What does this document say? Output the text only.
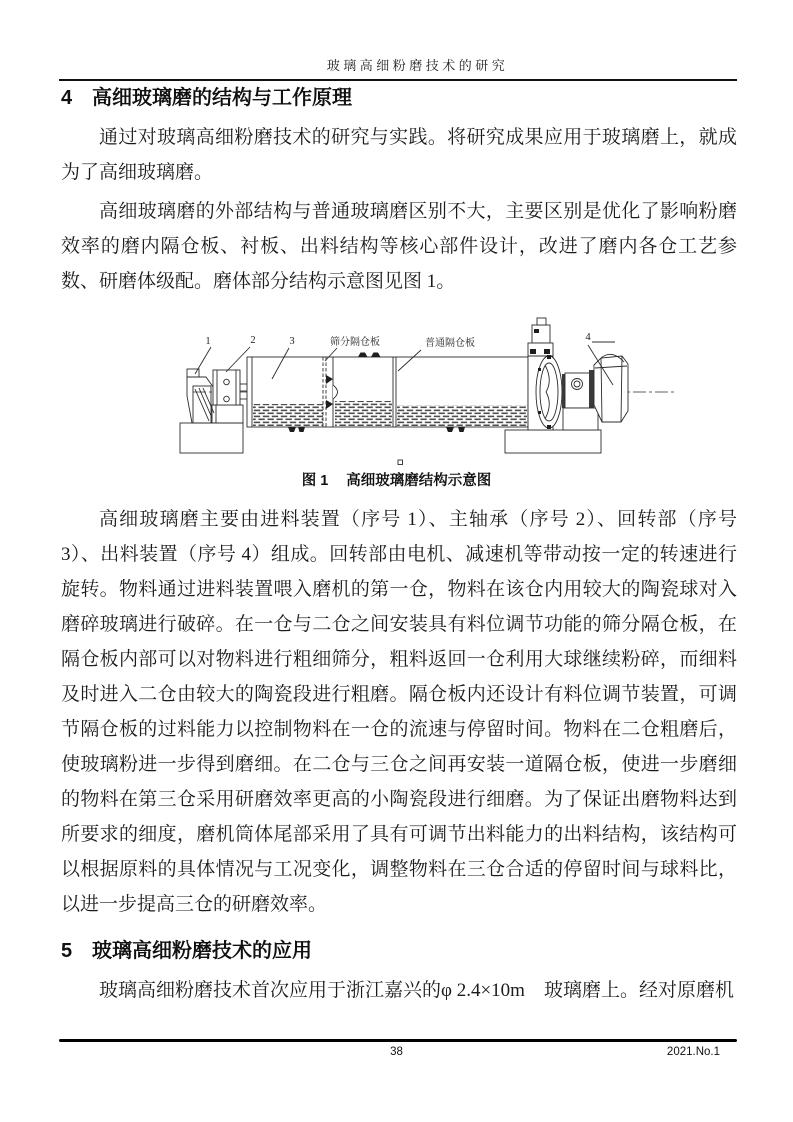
玻璃高细粉磨技术的研究
4 高细玻璃磨的结构与工作原理

通过对玻璃高细粉磨技术的研究与实践。将研究成果应用于玻璃磨上，就成为了高细玻璃磨。

高细玻璃磨的外部结构与普通玻璃磨区别不大，主要区别是优化了影响粉磨效率的磨内隔仓板、衬板、出料结构等核心部件设计，改进了磨内各仓工艺参数、研磨体级配。磨体部分结构示意图见图 1。

1	2	3	4
筛分隔仓板	普通隔仓板
图 1 高细玻璃磨结构示意图

高细玻璃磨主要由进料装置（序号 1）、主轴承（序号 2）、回转部（序号 3）、出料装置（序号 4）组成。回转部由电机、减速机等带动按一定的转速进行旋转。物料通过进料装置喂入磨机的第一仓，物料在该仓内用较大的陶瓷球对入磨碎玻璃进行破碎。在一仓与二仓之间安装具有料位调节功能的筛分隔仓板，在隔仓板内部可以对物料进行粗细筛分，粗料返回一仓利用大球继续粉碎，而细料及时进入二仓由较大的陶瓷段进行粗磨。隔仓板内还设计有料位调节装置，可调节隔仓板的过料能力以控制物料在一仓的流速与停留时间。物料在二仓粗磨后，使玻璃粉进一步得到磨细。在二仓与三仓之间再安装一道隔仓板，使进一步磨细的物料在第三仓采用研磨效率更高的小陶瓷段进行细磨。为了保证出磨物料达到所要求的细度，磨机筒体尾部采用了具有可调节出料能力的出料结构，该结构可以根据原料的具体情况与工况变化，调整物料在三仓合适的停留时间与球料比，以进一步提高三仓的研磨效率。

5 玻璃高细粉磨技术的应用

玻璃高细粉磨技术首次应用于浙江嘉兴的φ 2.4×10m　玻璃磨上。经对原磨机

38	2021.No.1
